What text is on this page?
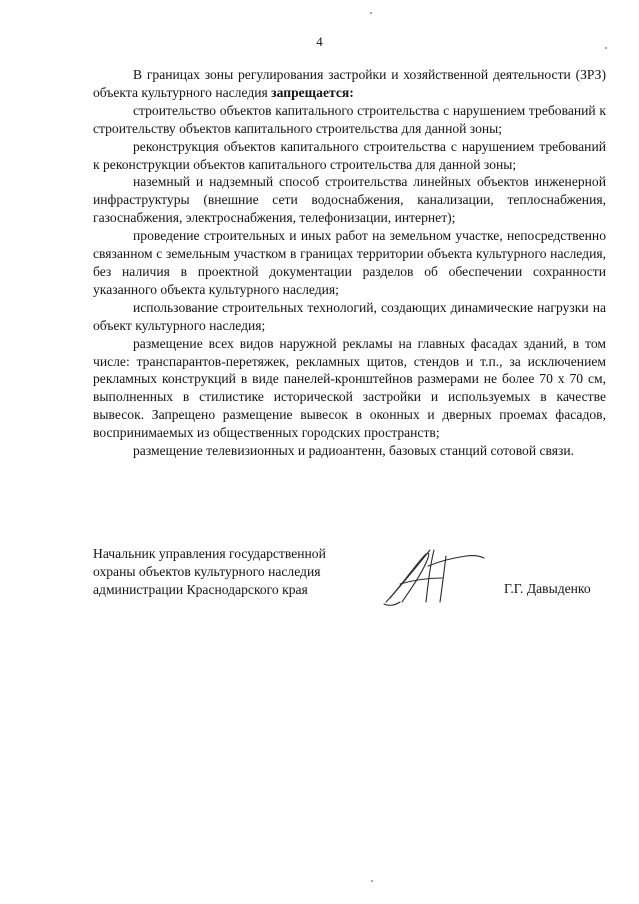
4

В границах зоны регулирования застройки и хозяйственной деятельности (ЗРЗ) объекта культурного наследия запрещается:

строительство объектов капитального строительства с нарушением требований к строительству объектов капитального строительства для данной зоны;

реконструкция объектов капитального строительства с нарушением требований к реконструкции объектов капитального строительства для данной зоны;

наземный и надземный способ строительства линейных объектов инженерной инфраструктуры (внешние сети водоснабжения, канализации, теплоснабжения, газоснабжения, электроснабжения, телефонизации, интернет);

проведение строительных и иных работ на земельном участке, непосредственно связанном с земельным участком в границах территории объекта культурного наследия, без наличия в проектной документации разделов об обеспечении сохранности указанного объекта культурного наследия;

использование строительных технологий, создающих динамические нагрузки на объект культурного наследия;

размещение всех видов наружной рекламы на главных фасадах зданий, в том числе: транспарантов-перетяжек, рекламных щитов, стендов и т.п., за исключением рекламных конструкций в виде панелей-кронштейнов размерами не более 70 х 70 см, выполненных в стилистике исторической застройки и используемых в качестве вывесок. Запрещено размещение вывесок в оконных и дверных проемах фасадов, воспринимаемых из общественных городских пространств;

размещение телевизионных и радиоантенн, базовых станций сотовой связи.

Начальник управления государственной
охраны объектов культурного наследия
администрации Краснодарского края	Г.Г. Давыденко
